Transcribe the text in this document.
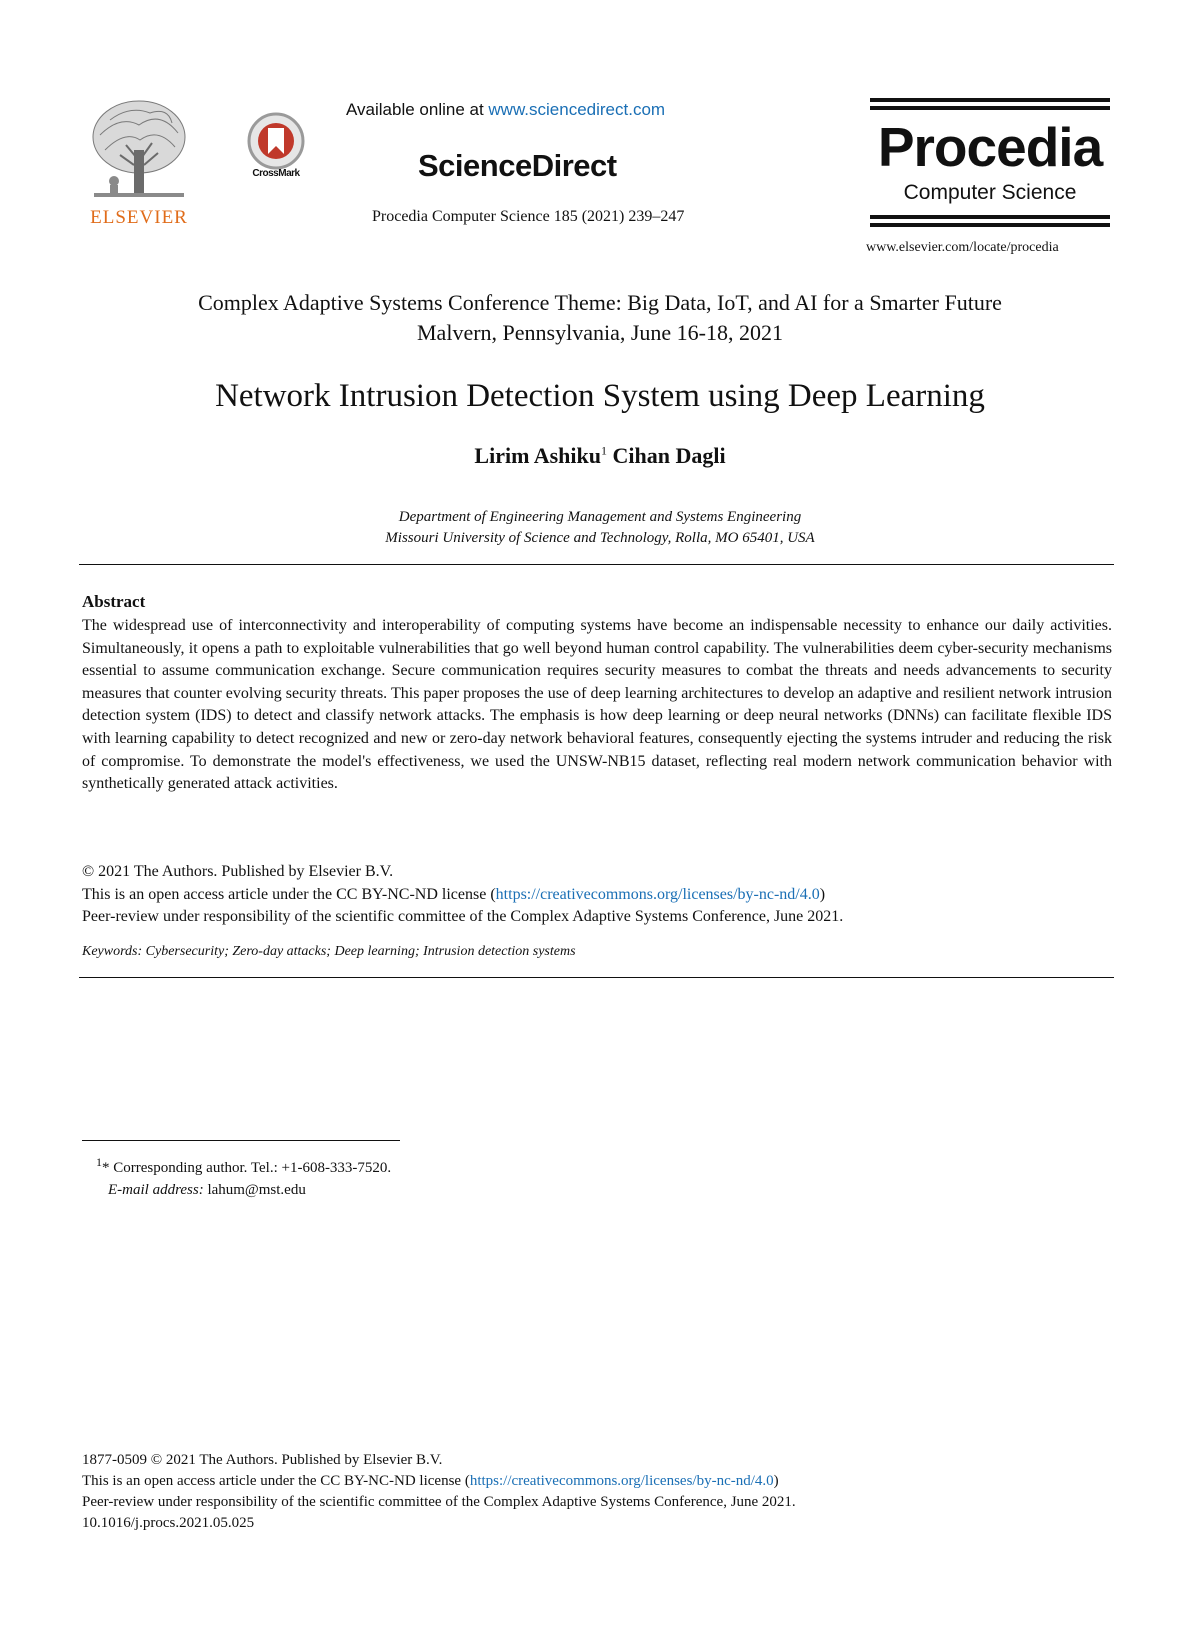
ELSEVIER
CrossMark
Available online at www.sciencedirect.com
ScienceDirect
Procedia Computer Science 185 (2021) 239–247
Procedia
Computer Science
www.elsevier.com/locate/procedia
Complex Adaptive Systems Conference Theme: Big Data, IoT, and AI for a Smarter Future
Malvern, Pennsylvania, June 16-18, 2021
Network Intrusion Detection System using Deep Learning
Lirim Ashiku$^1$ Cihan Dagli
Department of Engineering Management and Systems Engineering
Missouri University of Science and Technology, Rolla, MO 65401, USA
Abstract
The widespread use of interconnectivity and interoperability of computing systems have become an indispensable necessity to enhance our daily activities. Simultaneously, it opens a path to exploitable vulnerabilities that go well beyond human control capability. The vulnerabilities deem cyber-security mechanisms essential to assume communication exchange. Secure communication requires security measures to combat the threats and needs advancements to security measures that counter evolving security threats. This paper proposes the use of deep learning architectures to develop an adaptive and resilient network intrusion detection system (IDS) to detect and classify network attacks. The emphasis is how deep learning or deep neural networks (DNNs) can facilitate flexible IDS with learning capability to detect recognized and new or zero-day network behavioral features, consequently ejecting the systems intruder and reducing the risk of compromise. To demonstrate the model's effectiveness, we used the UNSW-NB15 dataset, reflecting real modern network communication behavior with synthetically generated attack activities.
© 2021 The Authors. Published by Elsevier B.V.
This is an open access article under the CC BY-NC-ND license (https://creativecommons.org/licenses/by-nc-nd/4.0)
Peer-review under responsibility of the scientific committee of the Complex Adaptive Systems Conference, June 2021.
Keywords: Cybersecurity; Zero-day attacks; Deep learning; Intrusion detection systems
$^1$* Corresponding author. Tel.: +1-608-333-7520.
E-mail address: lahum@mst.edu
1877-0509 © 2021 The Authors. Published by Elsevier B.V.
This is an open access article under the CC BY-NC-ND license (https://creativecommons.org/licenses/by-nc-nd/4.0)
Peer-review under responsibility of the scientific committee of the Complex Adaptive Systems Conference, June 2021.
10.1016/j.procs.2021.05.025
